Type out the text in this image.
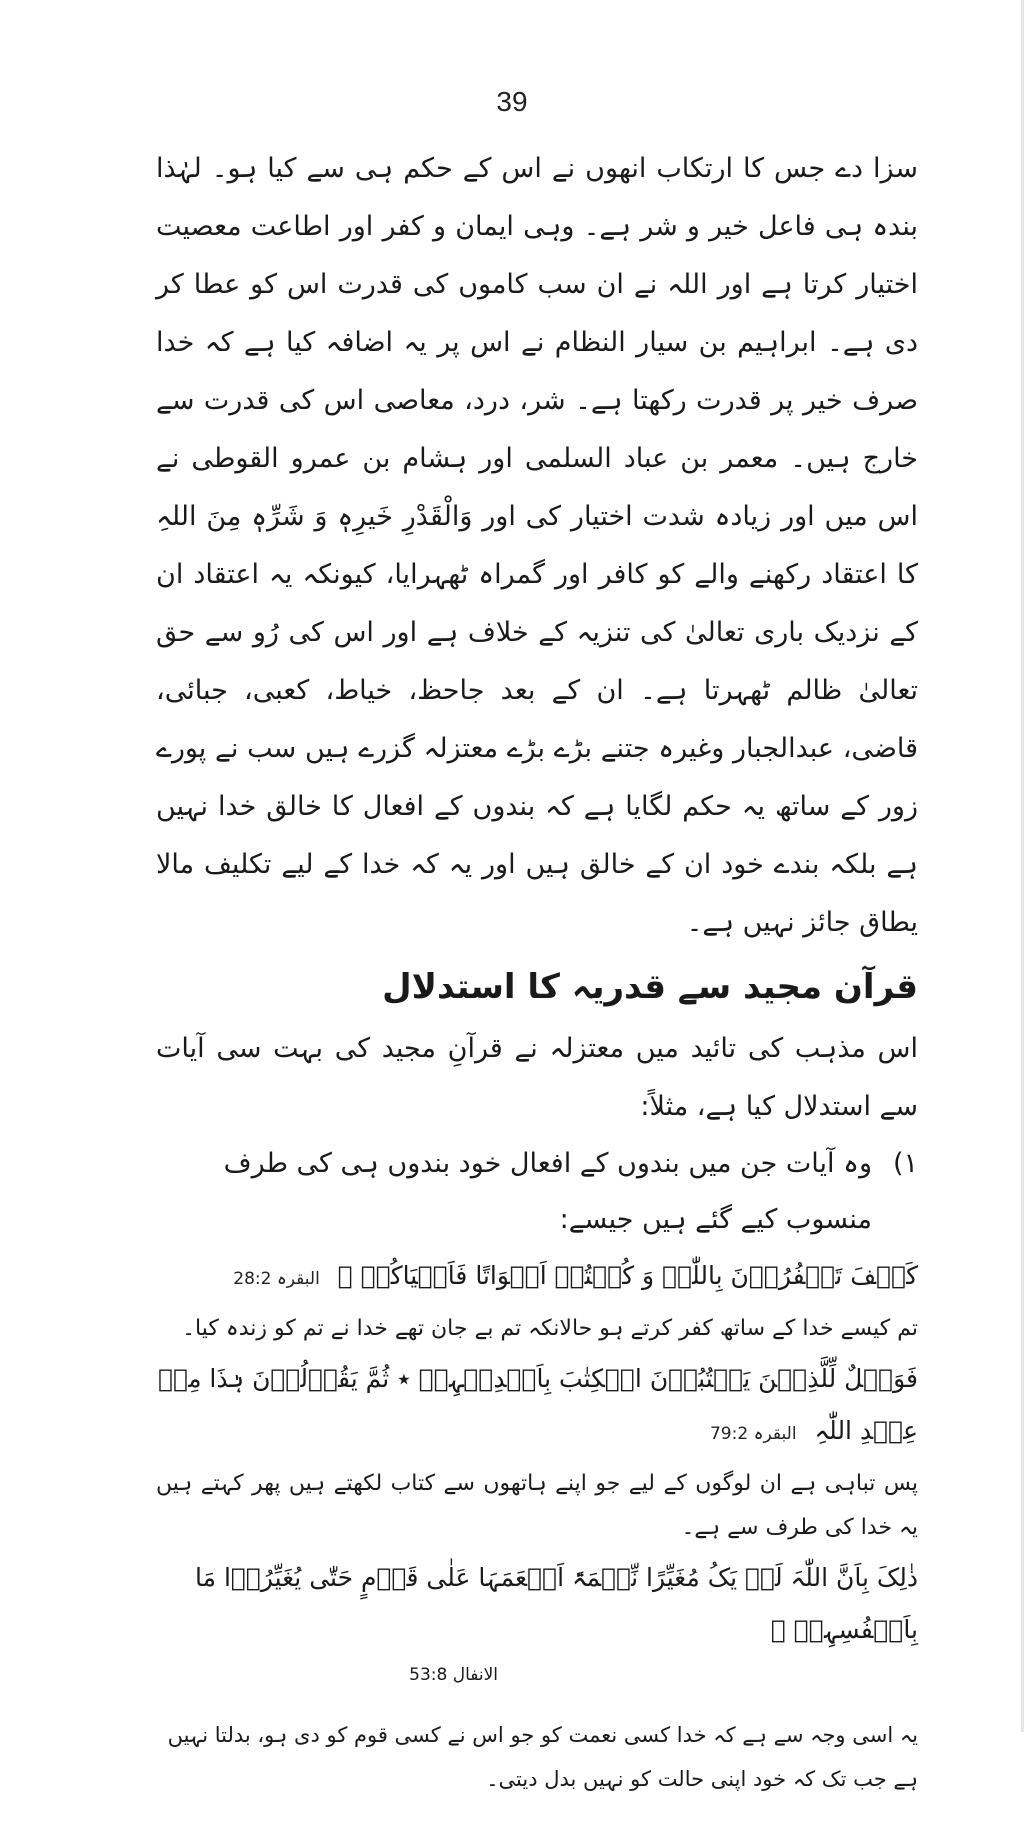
39

سزا دے جس کا ارتکاب انھوں نے اس کے حکم ہی سے کیا ہو۔ لہٰذا بندہ ہی فاعل خیر و شر ہے۔ وہی ایمان و کفر اور اطاعت معصیت اختیار کرتا ہے اور اللہ نے ان سب کاموں کی قدرت اس کو عطا کر دی ہے۔ ابراہیم بن سیار النظام نے اس پر یہ اضافہ کیا ہے کہ خدا صرف خیر پر قدرت رکھتا ہے۔ شر، درد، معاصی اس کی قدرت سے خارج ہیں۔ معمر بن عباد السلمی اور ہشام بن عمرو القوطی نے اس میں اور زیادہ شدت اختیار کی اور وَالْقَدْرِ خَیرِہٖ وَ شَرِّہٖ مِنَ اللہِ کا اعتقاد رکھنے والے کو کافر اور گمراہ ٹھہرایا، کیونکہ یہ اعتقاد ان کے نزدیک باری تعالیٰ کی تنزیہ کے خلاف ہے اور اس کی رُو سے حق تعالیٰ ظالم ٹھہرتا ہے۔ ان کے بعد جاحظ، خیاط، کعبی، جبائی، قاضی، عبدالجبار وغیرہ جتنے بڑے بڑے معتزلہ گزرے ہیں سب نے پورے زور کے ساتھ یہ حکم لگایا ہے کہ بندوں کے افعال کا خالق خدا نہیں ہے بلکہ بندے خود ان کے خالق ہیں اور یہ کہ خدا کے لیے تکلیف مالا یطاق جائز نہیں ہے۔

قرآن مجید سے قدریہ کا استدلال

اس مذہب کی تائید میں معتزلہ نے قرآنِ مجید کی بہت سی آیات سے استدلال کیا ہے، مثلاً:

۱)
وہ آیات جن میں بندوں کے افعال خود بندوں ہی کی طرف منسوب کیے گئے ہیں جیسے:
کَیۡفَ تَکۡفُرُوۡنَ بِاللّٰہِ وَ کُنۡتُمۡ اَمۡوَاتًا فَاَحۡیَاکُمۡ ۚ البقرہ 28:2

تم کیسے خدا کے ساتھ کفر کرتے ہو حالانکہ تم بے جان تھے خدا نے تم کو زندہ کیا۔

فَوَیۡلٌ لِّلَّذِیۡنَ یَکۡتُبُوۡنَ الۡکِتٰبَ بِاَیۡدِیۡہِمۡ ٭ ثُمَّ یَقُوۡلُوۡنَ ہٰذَا مِنۡ عِنۡدِ اللّٰہِ البقرہ 79:2

پس تباہی ہے ان لوگوں کے لیے جو اپنے ہاتھوں سے کتاب لکھتے ہیں پھر کہتے ہیں یہ خدا کی طرف سے ہے۔

ذٰلِکَ بِاَنَّ اللّٰہَ لَمۡ یَکُ مُغَیِّرًا نِّعۡمَۃً اَنۡعَمَہَا عَلٰی قَوۡمٍ حَتّٰی یُغَیِّرُوۡا مَا بِاَنۡفُسِہِمۡ ۙ
الانفال 53:8

یہ اسی وجہ سے ہے کہ خدا کسی نعمت کو جو اس نے کسی قوم کو دی ہو، بدلتا نہیں ہے جب تک کہ خود اپنی حالت کو نہیں بدل دیتی۔
